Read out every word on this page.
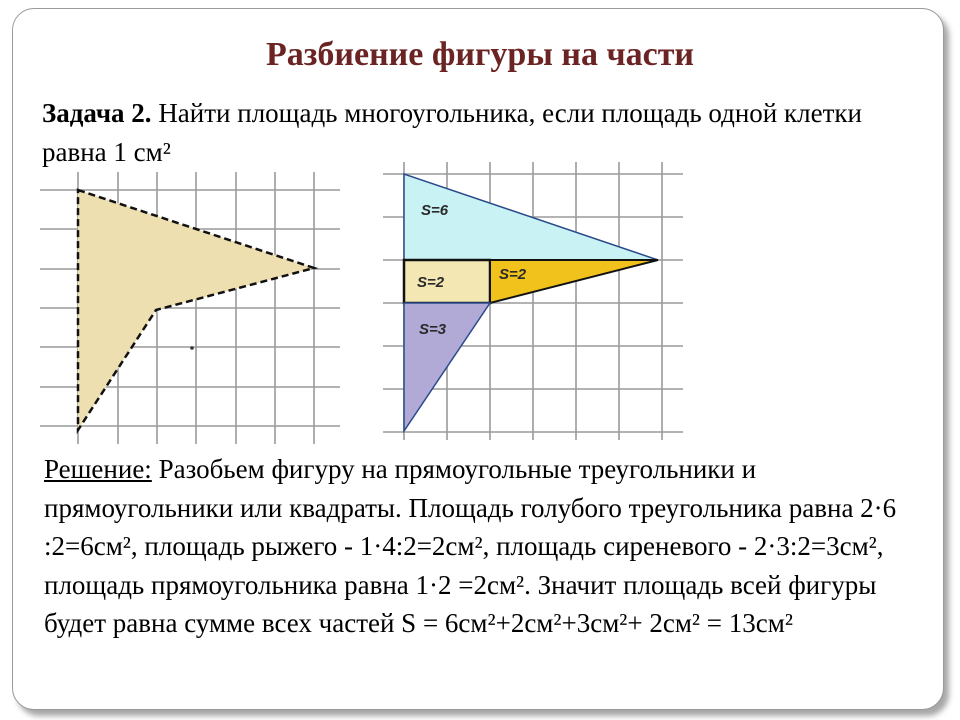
Разбиение фигуры на части
Задача 2. Найти площадь многоугольника, если площадь одной клетки равна 1 см²
S=6
S=2	S=2
S=3
Решение: Разобьем фигуру на прямоугольные треугольники и прямоугольники или квадраты. Площадь голубого треугольника равна 2·6 :2=6см², площадь рыжего - 1·4:2=2см², площадь сиреневого - 2·3:2=3см², площадь прямоугольника равна 1·2 =2см². Значит площадь всей фигуры будет равна сумме всех частей S = 6см²+2см²+3см²+ 2см² = 13см²
